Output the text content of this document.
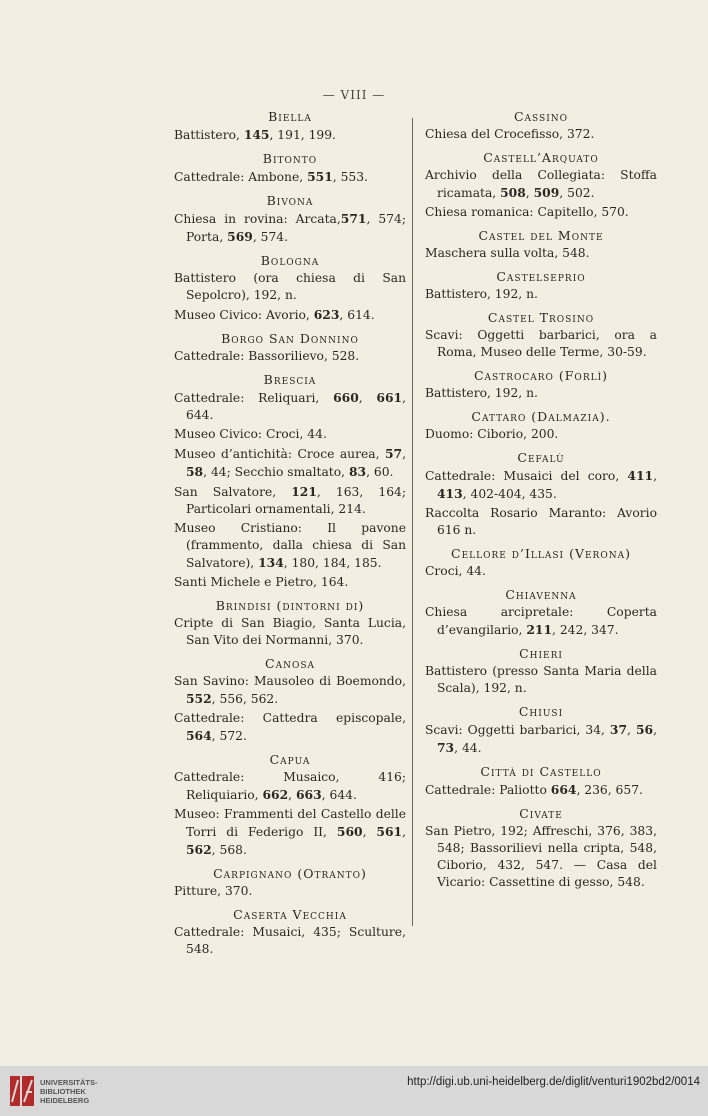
— VIII —
Biella
Battistero, 145, 191, 199.
Bitonto
Cattedrale: Ambone, 551, 553.
Bivona
Chiesa in rovina: Arcata,571, 574; Porta, 569, 574.
Bologna
Battistero (ora chiesa di San Sepolcro), 192, n.
Museo Civico: Avorio, 623, 614.
Borgo San Donnino
Cattedrale: Bassorilievo, 528.
Brescia
Cattedrale: Reliquari, 660, 661, 644.
Museo Civico: Croci, 44.
Museo d’antichità: Croce aurea, 57, 58, 44; Secchio smaltato, 83, 60.
San Salvatore, 121, 163, 164; Particolari ornamentali, 214.
Museo Cristiano: Il pavone (frammento, dalla chiesa di San Salvatore), 134, 180, 184, 185.
Santi Michele e Pietro, 164.
Brindisi (dintorni di)
Cripte di San Biagio, Santa Lucia, San Vito dei Normanni, 370.
Canosa
San Savino: Mausoleo di Boemondo, 552, 556, 562.
Cattedrale: Cattedra episcopale, 564, 572.
Capua
Cattedrale: Musaico, 416; Reliquiario, 662, 663, 644.
Museo: Frammenti del Castello delle Torri di Federigo II, 560, 561, 562, 568.
Carpignano (Otranto)
Pitture, 370.
Caserta Vecchia
Cattedrale: Musaici, 435; Sculture, 548.
Cassino
Chiesa del Crocefisso, 372.
Castell’Arquato
Archivio della Collegiata: Stoffa ricamata, 508, 509, 502.
Chiesa romanica: Capitello, 570.
Castel del Monte
Maschera sulla volta, 548.
Castelseprio
Battistero, 192, n.
Castel Trosino
Scavi: Oggetti barbarici, ora a Roma, Museo delle Terme, 30-59.
Castrocaro (Forlì)
Battistero, 192, n.
Cattaro (Dalmazia).
Duomo: Ciborio, 200.
Cefalù
Cattedrale: Musaici del coro, 411, 413, 402-404, 435.
Raccolta Rosario Maranto: Avorio 616 n.
Cellore d’Illasi (Verona)
Croci, 44.
Chiavenna
Chiesa arcipretale: Coperta d’evangilario, 211, 242, 347.
Chieri
Battistero (presso Santa Maria della Scala), 192, n.
Chiusi
Scavi: Oggetti barbarici, 34, 37, 56, 73, 44.
Città di Castello
Cattedrale: Paliotto 664, 236, 657.
Civate
San Pietro, 192; Affreschi, 376, 383, 548; Bassorilievi nella cripta, 548, Ciborio, 432, 547. — Casa del Vicario: Cassettine di gesso, 548.
UNIVERSITÄTS-
BIBLIOTHEK
HEIDELBERG
http://digi.ub.uni-heidelberg.de/diglit/venturi1902bd2/0014
